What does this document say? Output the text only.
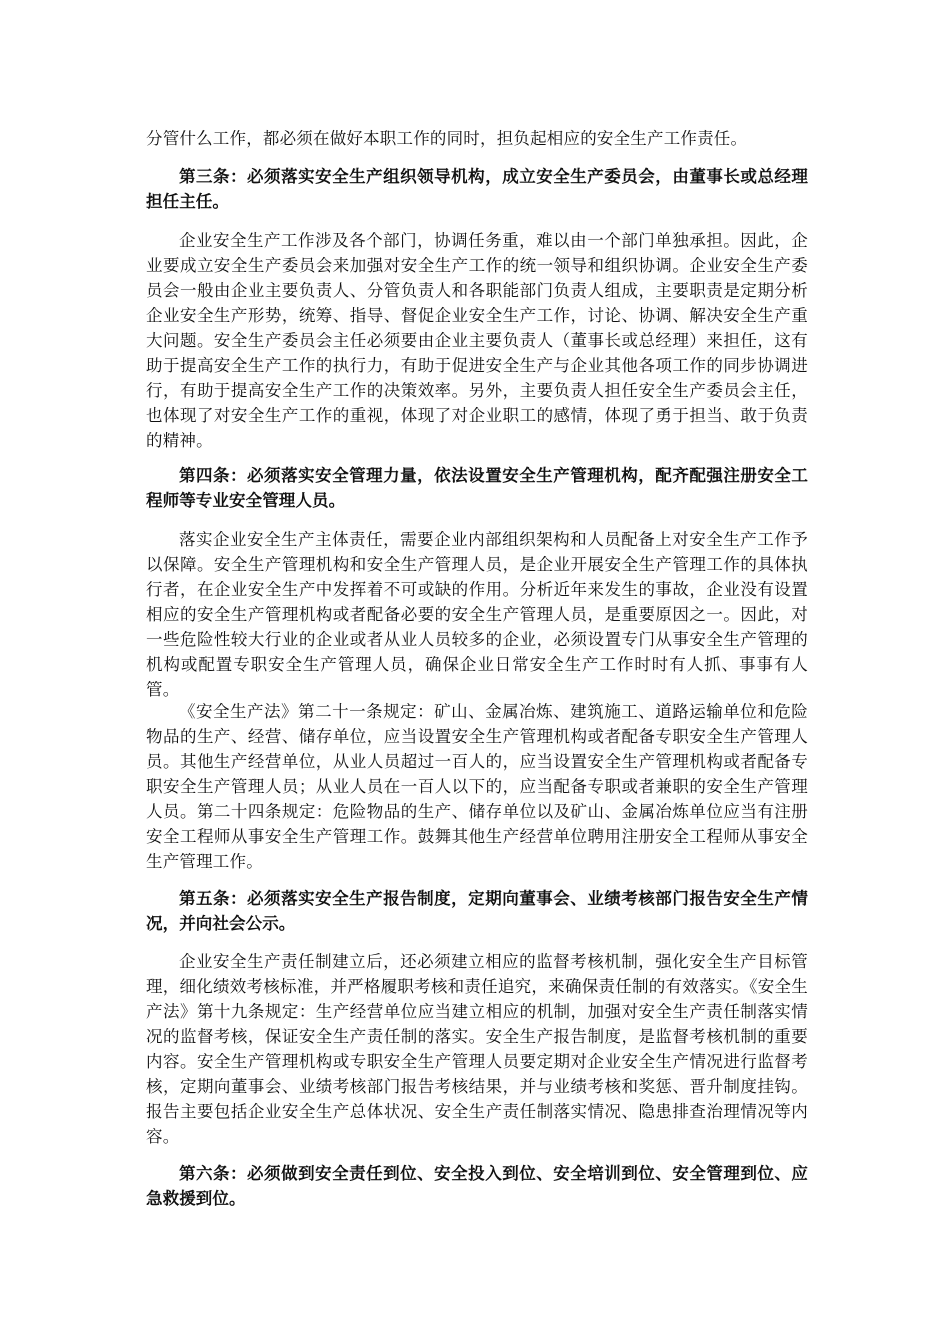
分管什么工作，都必须在做好本职工作的同时，担负起相应的安全生产工作责任。

第三条：必须落实安全生产组织领导机构，成立安全生产委员会，由董事长或总经理担任主任。

企业安全生产工作涉及各个部门，协调任务重，难以由一个部门单独承担。因此，企业要成立安全生产委员会来加强对安全生产工作的统一领导和组织协调。企业安全生产委员会一般由企业主要负责人、分管负责人和各职能部门负责人组成，主要职责是定期分析企业安全生产形势，统筹、指导、督促企业安全生产工作，讨论、协调、解决安全生产重大问题。安全生产委员会主任必须要由企业主要负责人（董事长或总经理）来担任，这有助于提高安全生产工作的执行力，有助于促进安全生产与企业其他各项工作的同步协调进行，有助于提高安全生产工作的决策效率。另外，主要负责人担任安全生产委员会主任，也体现了对安全生产工作的重视，体现了对企业职工的感情，体现了勇于担当、敢于负责的精神。

第四条：必须落实安全管理力量，依法设置安全生产管理机构，配齐配强注册安全工程师等专业安全管理人员。

落实企业安全生产主体责任，需要企业内部组织架构和人员配备上对安全生产工作予以保障。安全生产管理机构和安全生产管理人员，是企业开展安全生产管理工作的具体执行者，在企业安全生产中发挥着不可或缺的作用。分析近年来发生的事故，企业没有设置相应的安全生产管理机构或者配备必要的安全生产管理人员，是重要原因之一。因此，对一些危险性较大行业的企业或者从业人员较多的企业，必须设置专门从事安全生产管理的机构或配置专职安全生产管理人员，确保企业日常安全生产工作时时有人抓、事事有人管。

《安全生产法》第二十一条规定：矿山、金属冶炼、建筑施工、道路运输单位和危险物品的生产、经营、储存单位，应当设置安全生产管理机构或者配备专职安全生产管理人员。其他生产经营单位，从业人员超过一百人的，应当设置安全生产管理机构或者配备专职安全生产管理人员；从业人员在一百人以下的，应当配备专职或者兼职的安全生产管理人员。第二十四条规定：危险物品的生产、储存单位以及矿山、金属冶炼单位应当有注册安全工程师从事安全生产管理工作。鼓舞其他生产经营单位聘用注册安全工程师从事安全生产管理工作。

第五条：必须落实安全生产报告制度，定期向董事会、业绩考核部门报告安全生产情况，并向社会公示。

企业安全生产责任制建立后，还必须建立相应的监督考核机制，强化安全生产目标管理，细化绩效考核标准，并严格履职考核和责任追究，来确保责任制的有效落实。《安全生产法》第十九条规定：生产经营单位应当建立相应的机制，加强对安全生产责任制落实情况的监督考核，保证安全生产责任制的落实。安全生产报告制度，是监督考核机制的重要内容。安全生产管理机构或专职安全生产管理人员要定期对企业安全生产情况进行监督考核，定期向董事会、业绩考核部门报告考核结果，并与业绩考核和奖惩、晋升制度挂钩。报告主要包括企业安全生产总体状况、安全生产责任制落实情况、隐患排查治理情况等内容。

第六条：必须做到安全责任到位、安全投入到位、安全培训到位、安全管理到位、应急救援到位。
